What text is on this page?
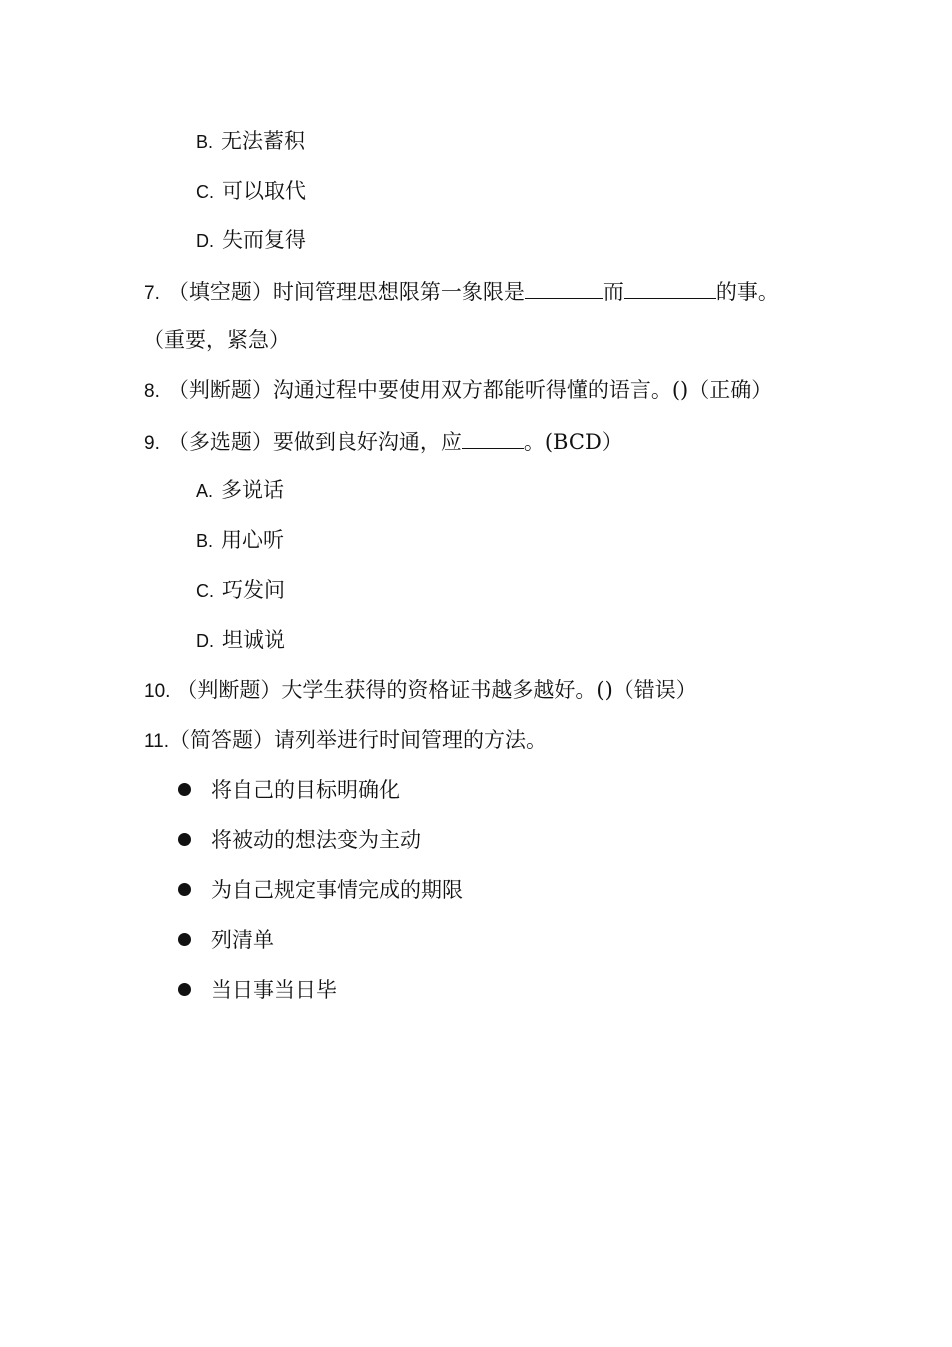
B. 无法蓄积
C. 可以取代
D. 失而复得
7. （填空题）时间管理思想限第一象限是	而	的事。
（重要，紧急）
8. （判断题）沟通过程中要使用双方都能听得懂的语言。()（正确）
9. （多选题）要做到良好沟通，应	。(BCD）
A. 多说话
B. 用心听
C. 巧发问
D. 坦诚说
10. （判断题）大学生获得的资格证书越多越好。()（错误）
11.（简答题）请列举进行时间管理的方法。
将自己的目标明确化
将被动的想法变为主动
为自己规定事情完成的期限
列清单
当日事当日毕
